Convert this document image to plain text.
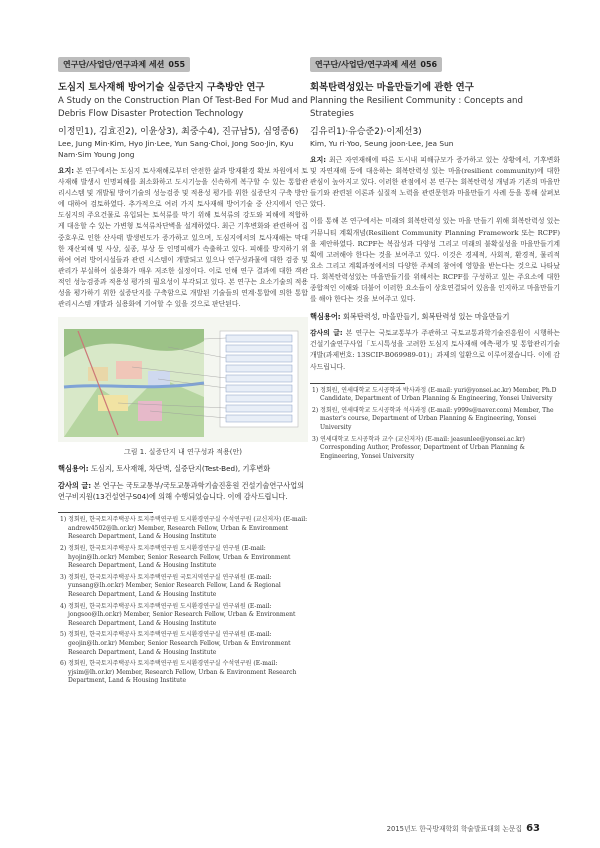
연구단/사업단/연구과제 세션 055
도심지 토사재해 방어기술 실증단지 구축방안 연구
A Study on the Construction Plan Of Test-Bed For Mud and Debris Flow Disaster Protection Technology
이정민1), 김효진2), 이윤상3), 최중수4), 진규남5), 심영종6)
Lee, Jung Min·Kim, Hyo Jin·Lee, Yun Sang·Choi, Jong Soo·Jin, Kyu Nam·Sim Young Jong
요지: 본 연구에서는 도심지 토사재해로부터 안전한 삶과 방재환경 확보 차원에서 토사재해 발생시 인명피해를 최소화하고 도시기능을 신속하게 복구할 수 있는 통합관리시스템 및 개발될 방어기술의 성능검증 및 적용성 평가를 위한 실증단지 구축 방안에 대하여 검토하였다. 추가적으로 여러 가지 토사재해 방어기술 중 산지에서 인근 도심지의 주요건물로 유입되는 토석류를 막기 위해 토석류의 강도와 피해에 적합하게 대응할 수 있는 가변형 토석류차단벽을 설계하였다. 최근 기후변화와 관련하여 집중호우로 인한 산사태 발생빈도가 증가하고 있으며, 도심지에서의 토사재해는 막대한 재산피해 및 사상, 실종, 부상 등 인명피해가 속출하고 있다. 피해를 방지하기 위하여 여러 방어시설들과 관련 시스템이 개발되고 있으나 연구성과물에 대한 검증 및 관리가 부실하여 실용화가 매우 저조한 실정이다. 이로 인해 연구 결과에 대한 객관적인 성능검증과 적용성 평가의 필요성이 부각되고 있다. 본 연구는 요소기술의 적용성을 평가하기 위한 실증단지를 구축함으로 개발된 기술들의 연계·통합에 의한 통합관리시스템 개발과 실용화에 기여할 수 있을 것으로 판단된다.
그림 1. 실증단지 내 연구성과 적용(안)
핵심용어: 도심지, 토사재해, 차단벽, 실증단지(Test-Bed), 기후변화
감사의 글: 본 연구는 국토교통부/국토교통과학기술진흥원 건설기술연구사업의 연구비지원(13건설연구S04)에 의해 수행되었습니다. 이에 감사드립니다.
1) 정회원, 한국토지주택공사 토지주택연구원 도시환경연구실 수석연구원 (교신저자) (E-mail: andrew4502@lh.or.kr) Member, Research Fellow, Urban & Environment Research Department, Land & Housing Institute
2) 정회원, 한국토지주택공사 토지주택연구원 도시환경연구실 연구원 (E-mail: hyojin@lh.or.kr) Member, Senior Research Fellow, Urban & Environment Research Department, Land & Housing Institute
3) 정회원, 한국토지주택공사 토지주택연구원 국토지역연구실 연구위원 (E-mail: yunsang@lh.or.kr) Member, Senior Research Fellow, Land & Regional Research Department, Land & Housing Institute
4) 정회원, 한국토지주택공사 토지주택연구원 도시환경연구실 연구위원 (E-mail: jongsoo@lh.or.kr) Member, Senior Research Fellow, Urban & Environment Research Department, Land & Housing Institute
5) 정회원, 한국토지주택공사 토지주택연구원 도시환경연구실 연구위원 (E-mail: geojin@lh.or.kr) Member, Senior Research Fellow, Urban & Environment Research Department, Land & Housing Institute
6) 정회원, 한국토지주택공사 토지주택연구원 도시환경연구실 수석연구원 (E-mail: yjsim@lh.or.kr) Member, Research Fellow, Urban & Environment Research Department, Land & Housing Institute
연구단/사업단/연구과제 세션 056
회복탄력성있는 마을만들기에 관한 연구
Planning the Resilient Community : Concepts and Strategies
김유리1)·유승준2)·이제선3)
Kim, Yu ri·Yoo, Seung joon·Lee, Jea Sun
요지: 최근 자연재해에 따른 도시내 피해규모가 증가하고 있는 상황에서, 기후변화 및 자연재해 등에 대응하는 회복탄력성 있는 마을(resilient community)에 대한 관심이 높아지고 있다. 이러한 관점에서 본 연구는 회복탄력성 개념과 기존의 마을만들기와 관련된 이론과 실질적 노력을 관련문헌과 마을만들기 사례 등을 통해 살펴보았다.
이를 통해 본 연구에서는 미래의 회복탄력성 있는 마을 만들기 위해 회복탄력성 있는 커뮤니티 계획개념(Resilient Community Planning Framework 또는 RCPF)을 제안하였다. RCPF는 복잡성과 다양성 그리고 미래의 불확실성을 마을만들기계획에 고려해야 한다는 것을 보여주고 있다. 이것은 경제적, 사회적, 환경적, 물리적 요소 그리고 계획과정에서의 다양한 주체의 참여에 영향을 받는다는 것으로 나타났다. 회복탄력성있는 마을만들기를 위해서는 RCPF를 구성하고 있는 주요소에 대한 종합적인 이해와 더불어 이러한 요소들이 상호연결되어 있음을 인지하고 마을만들기를 해야 한다는 것을 보여주고 있다.
핵심용어: 회복탄력성, 마을만들기, 회복탄력성 있는 마을만들기
감사의 글: 본 연구는 국토교통부가 주관하고 국토교통과학기술진흥원이 시행하는 건설기술연구사업「도시특성을 고려한 도심지 토사재해 예측·평가 및 통합관리기술 개발(과제번호: 13SCIP-B069989-01)」과제의 일환으로 이루어졌습니다. 이에 감사드립니다.
1) 정회원, 연세대학교 도시공학과 박사과정 (E-mail: yuri@yonsei.ac.kr) Member, Ph.D Candidate, Department of Urban Planning & Engineering, Yonsei University
2) 정회원, 연세대학교 도시공학과 석사과정 (E-mail: y999s@naver.com) Member, The master's course, Department of Urban Planning & Engineering, Yonsei University
3) 연세대학교 도시공학과 교수 (교신저자) (E-mail: jeasunlee@yonsei.ac.kr) Corresponding Author, Professor, Department of Urban Planning & Engineering, Yonsei University
2015년도 한국방재학회 학술발표대회 논문집 63
